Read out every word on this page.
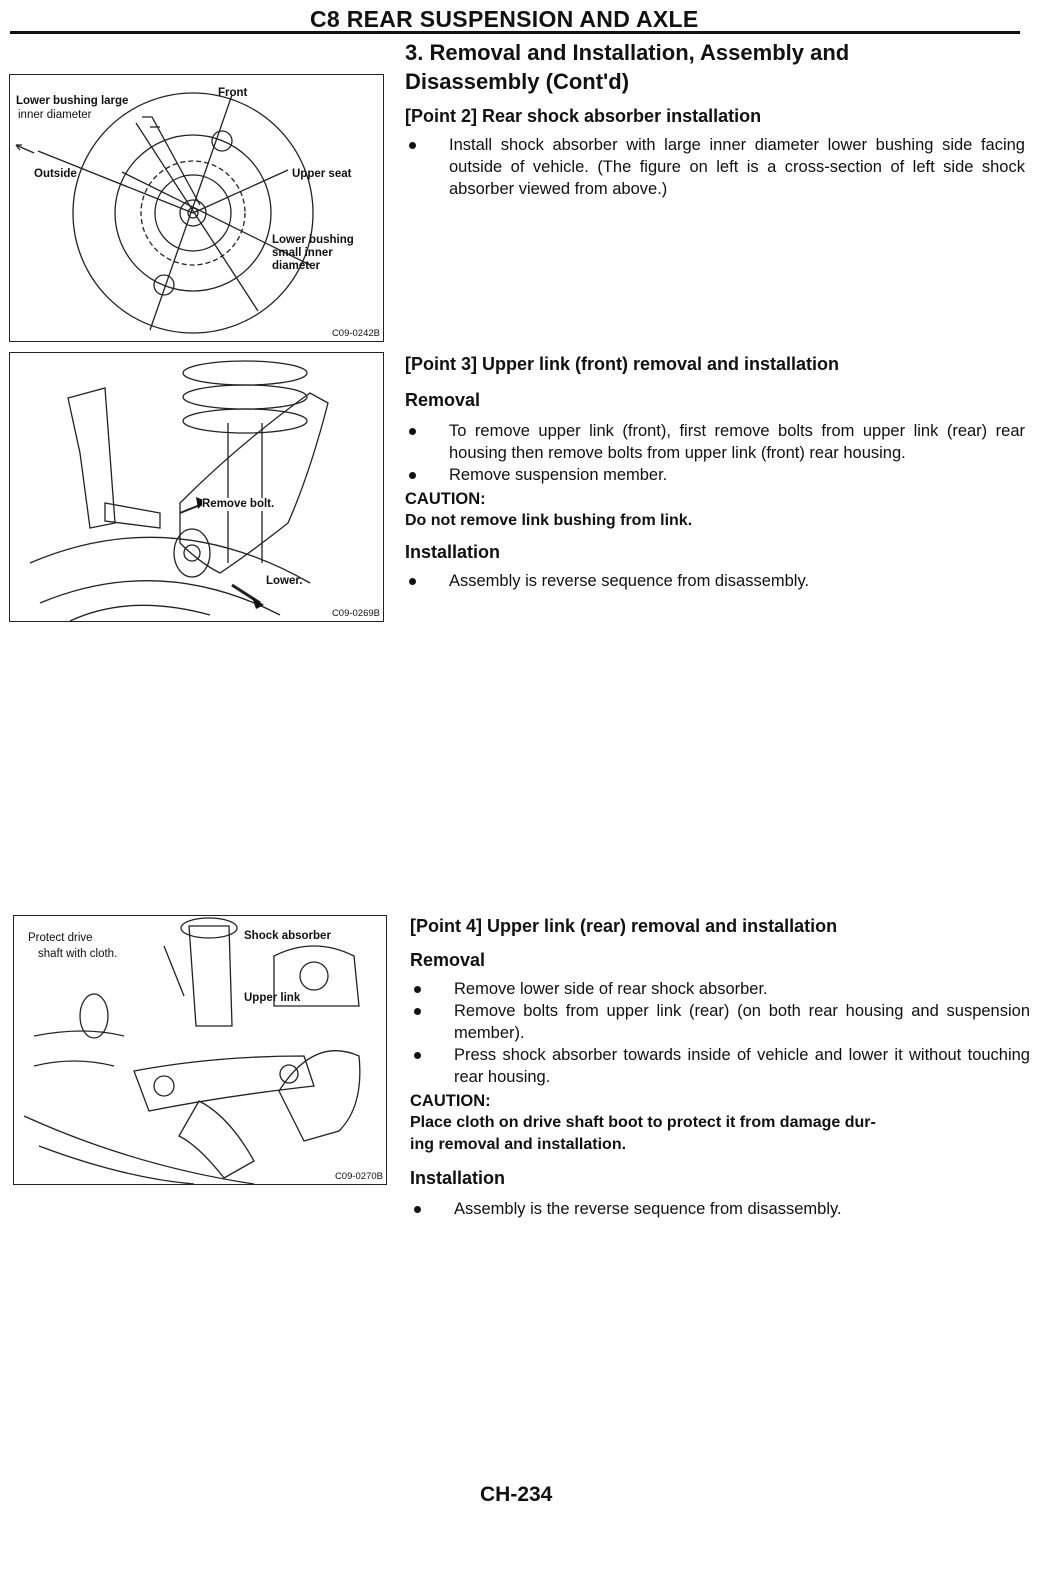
C8 REAR SUSPENSION AND AXLE
Lower bushing large
inner diameter
Front
Outside	Upper seat
Lower bushing
small inner
diameter
C09-0242B
Remove bolt.
Lower.
C09-0269B
Protect drive
shaft with cloth.
Shock absorber
Upper link
C09-0270B

3. Removal and Installation, Assembly and

Disassembly (Cont'd)

[Point 2] Rear shock absorber installation

Install shock absorber with large inner diameter lower bushing side facing outside of vehicle. (The figure on left is a cross-section of left side shock absorber viewed from above.)

[Point 3] Upper link (front) removal and installation

Removal

To remove upper link (front), first remove bolts from upper link (rear) rear housing then remove bolts from upper link (front) rear housing.

Remove suspension member.

CAUTION:

Do not remove link bushing from link.

Installation

Assembly is reverse sequence from disassembly.

[Point 4] Upper link (rear) removal and installation

Removal

Remove lower side of rear shock absorber.

Remove bolts from upper link (rear) (on both rear housing and suspension member).

Press shock absorber towards inside of vehicle and lower it without touching rear housing.

CAUTION:

Place cloth on drive shaft boot to protect it from damage dur-

ing removal and installation.

Installation

Assembly is the reverse sequence from disassembly.

CH-234
